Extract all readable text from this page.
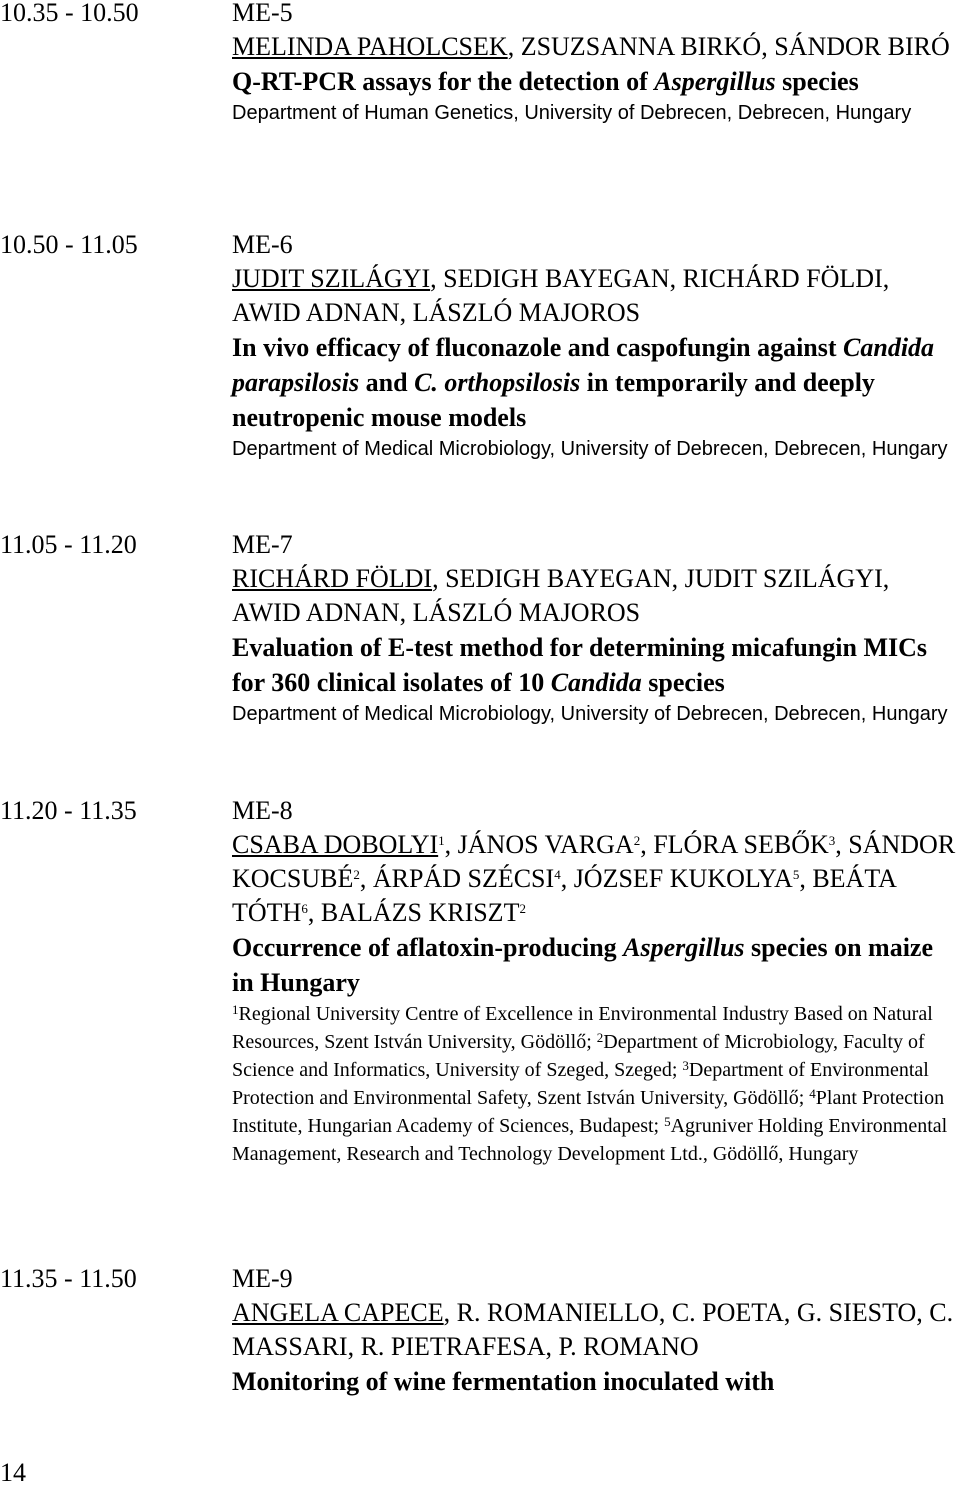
10.35 - 10.50	ME-5
MELINDA PAHOLCSEK, ZSUZSANNA BIRKÓ, SÁNDOR BIRÓ
Q-RT-PCR assays for the detection of Aspergillus species
Department of Human Genetics, University of Debrecen, Debrecen, Hungary
10.50 - 11.05	ME-6
JUDIT SZILÁGYI, SEDIGH BAYEGAN, RICHÁRD FÖLDI, AWID ADNAN, LÁSZLÓ MAJOROS
In vivo efficacy of fluconazole and caspofungin against Candida parapsilosis and C. orthopsilosis in temporarily and deeply neutropenic mouse models
Department of Medical Microbiology, University of Debrecen, Debrecen, Hungary
11.05 - 11.20	ME-7
RICHÁRD FÖLDI, SEDIGH BAYEGAN, JUDIT SZILÁGYI, AWID ADNAN, LÁSZLÓ MAJOROS
Evaluation of E-test method for determining micafungin MICs for 360 clinical isolates of 10 Candida species
Department of Medical Microbiology, University of Debrecen, Debrecen, Hungary
11.20 - 11.35	ME-8
CSABA DOBOLYI$^1$, JÁNOS VARGA$^2$, FLÓRA SEBŐK$^3$, SÁNDOR KOCSUBÉ$^2$, ÁRPÁD SZÉCSI$^4$, JÓZSEF KUKOLYA$^5$, BEÁTA TÓTH$^6$, BALÁZS KRISZT$^2$
Occurrence of aflatoxin-producing Aspergillus species on maize in Hungary
$^1$Regional University Centre of Excellence in Environmental Industry Based on Natural Resources, Szent István University, Gödöllő; $^2$Department of Microbiology, Faculty of Science and Informatics, University of Szeged, Szeged; $^3$Department of Environmental Protection and Environmental Safety, Szent István University, Gödöllő; $^4$Plant Protection Institute, Hungarian Academy of Sciences, Budapest; $^5$Agruniver Holding Environmental Management, Research and Technology Development Ltd., Gödöllő, Hungary
11.35 - 11.50	ME-9
ANGELA CAPECE, R. ROMANIELLO, C. POETA, G. SIESTO, C. MASSARI, R. PIETRAFESA, P. ROMANO
Monitoring of wine fermentation inoculated with
14
